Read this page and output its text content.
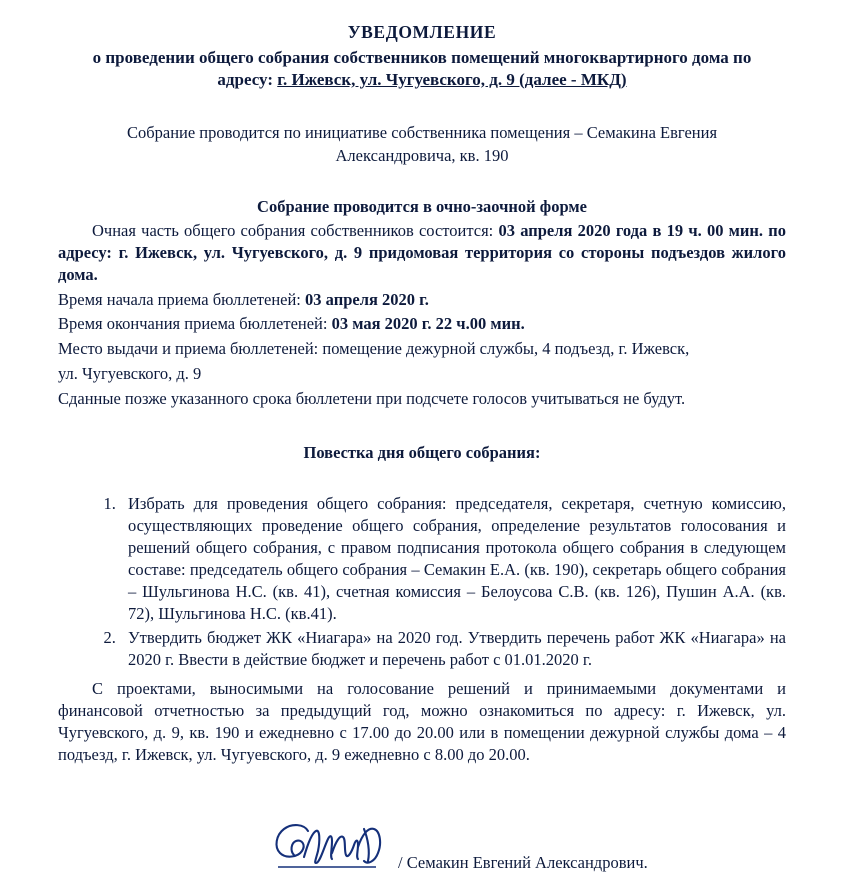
УВЕДОМЛЕНИЕ
о проведении общего собрания собственников помещений многоквартирного дома по
адресу: г. Ижевск, ул. Чугуевского, д. 9 (далее - МКД)
Собрание проводится по инициативе собственника помещения – Семакина Евгения
Александровича, кв. 190
Собрание проводится в очно-заочной форме
Очная часть общего собрания собственников состоится: 03 апреля 2020 года в 19 ч. 00 мин. по адресу: г. Ижевск, ул. Чугуевского, д. 9 придомовая территория со стороны подъездов жилого дома.
Время начала приема бюллетеней: 03 апреля 2020 г.
Время окончания приема бюллетеней: 03 мая 2020 г. 22 ч.00 мин.
Место выдачи и приема бюллетеней: помещение дежурной службы, 4 подъезд, г. Ижевск,
ул. Чугуевского, д. 9
Сданные позже указанного срока бюллетени при подсчете голосов учитываться не будут.
Повестка дня общего собрания:
1. Избрать для проведения общего собрания: председателя, секретаря, счетную комиссию, осуществляющих проведение общего собрания, определение результатов голосования и решений общего собрания, с правом подписания протокола общего собрания в следующем составе: председатель общего собрания – Семакин Е.А. (кв. 190), секретарь общего собрания – Шульгинова Н.С. (кв. 41), счетная комиссия – Белоусова С.В. (кв. 126), Пушин А.А. (кв. 72), Шульгинова Н.С. (кв.41).
2. Утвердить бюджет ЖК «Ниагара» на 2020 год. Утвердить перечень работ ЖК «Ниагара» на 2020 г. Ввести в действие бюджет и перечень работ с 01.01.2020 г.
С проектами, выносимыми на голосование решений и принимаемыми документами и финансовой отчетностью за предыдущий год, можно ознакомиться по адресу: г. Ижевск, ул. Чугуевского, д. 9, кв. 190 и ежедневно с 17.00 до 20.00 или в помещении дежурной службы дома – 4 подъезд, г. Ижевск, ул. Чугуевского, д. 9 ежедневно с 8.00 до 20.00.
/ Семакин Евгений Александрович.
